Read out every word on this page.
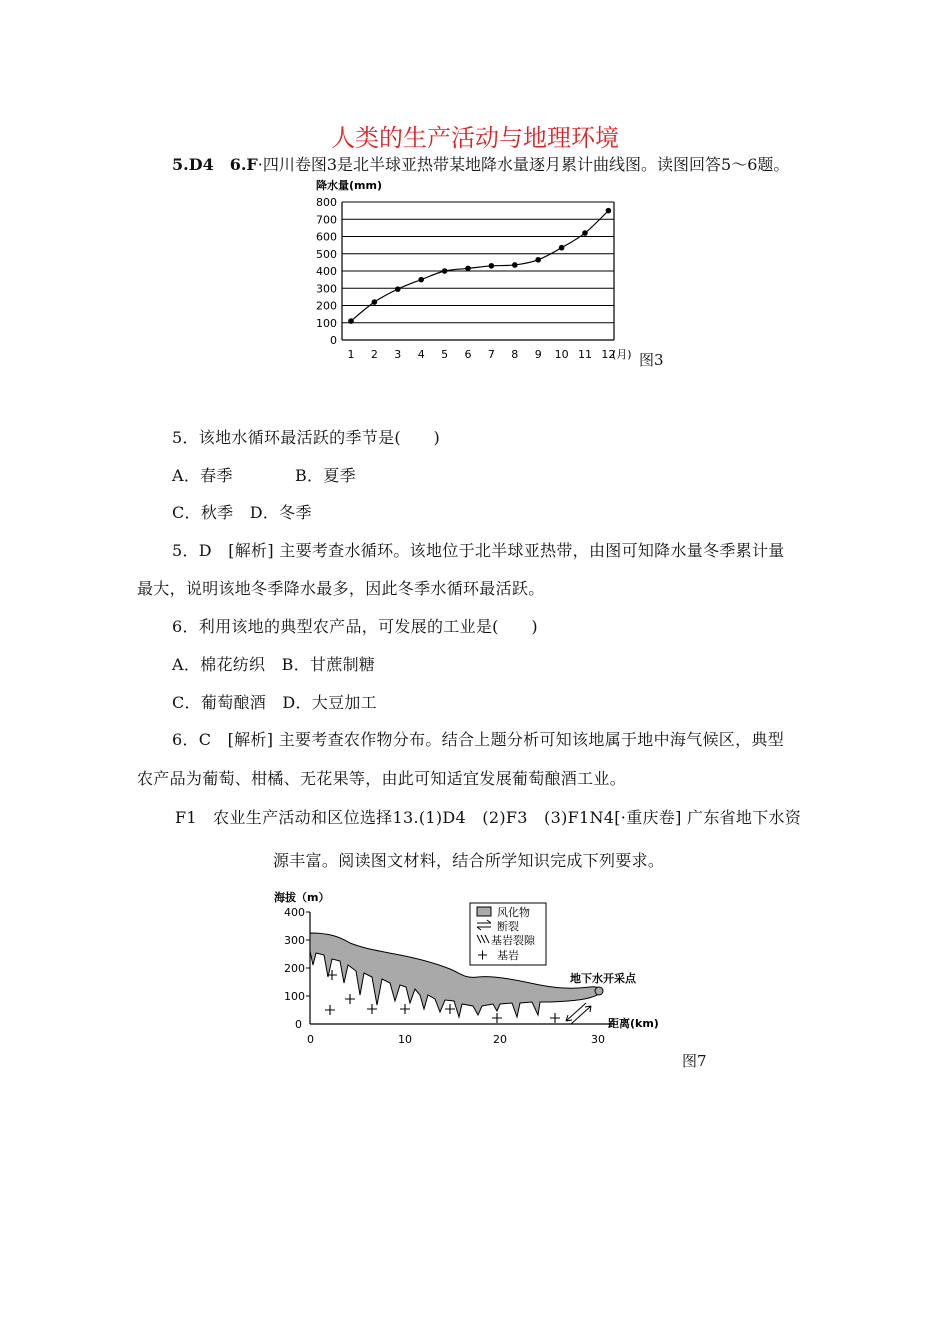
人类的生产活动与地理环境
5.D4　6.F·四川卷图3是北半球亚热带某地降水量逐月累计曲线图。读图回答5～6题。
降水量(mm)
0
100
200
300
400
500
600
700
800
1 2 3 4 5 6 7 8 9 10 11 12
(月) 图3
5．该地水循环最活跃的季节是(　　)
A．春季	B．夏季
C．秋季　D．冬季
5．D　[解析] 主要考查水循环。该地位于北半球亚热带，由图可知降水量冬季累计量
最大，说明该地冬季降水最多，因此冬季水循环最活跃。
6．利用该地的典型农产品，可发展的工业是(　　)
A．棉花纺织　B．甘蔗制糖
C．葡萄酿酒　D．大豆加工
6．C　[解析] 主要考查农作物分布。结合上题分析可知该地属于地中海气候区，典型
农产品为葡萄、柑橘、无花果等，由此可知适宜发展葡萄酿酒工业。
F1　农业生产活动和区位选择13.(1)D4　(2)F3　(3)F1N4[·重庆卷] 广东省地下水资
源丰富。阅读图文材料，结合所学知识完成下列要求。
海拔（m）
400
300
200
100
0
0	10	20	30
距离(km)
地下水开采点
风化物
断裂
基岩裂隙
基岩
图7
